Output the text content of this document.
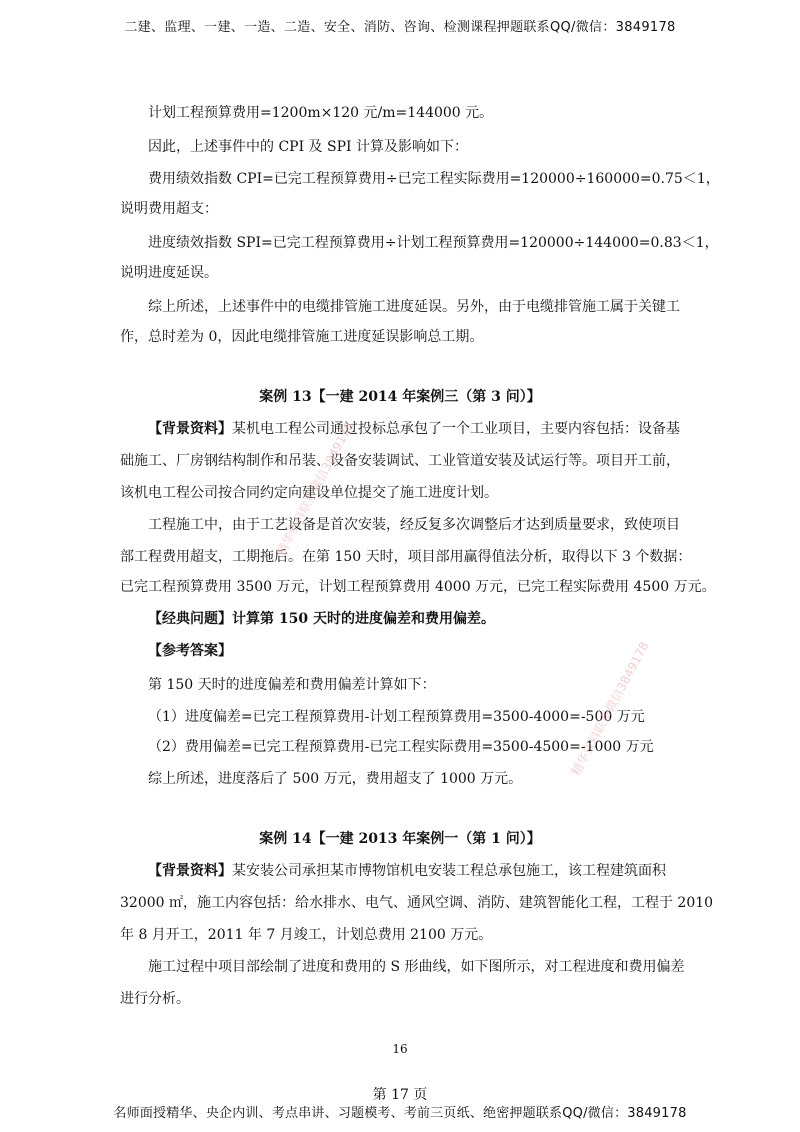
二建、监理、一建、一造、二造、安全、消防、咨询、检测课程押题联系QQ/微信：3849178
计划工程预算费用=1200m×120 元/m=144000 元。
因此，上述事件中的 CPI 及 SPI 计算及影响如下：
费用绩效指数 CPI=已完工程预算费用÷已完工程实际费用=120000÷160000=0.75＜1，
说明费用超支：
进度绩效指数 SPI=已完工程预算费用÷计划工程预算费用=120000÷144000=0.83＜1，
说明进度延误。
综上所述，上述事件中的电缆排管施工进度延误。另外，由于电缆排管施工属于关键工
作，总时差为 0，因此电缆排管施工进度延误影响总工期。
案例 13【一建 2014 年案例三（第 3 问）】
【背景资料】某机电工程公司通过投标总承包了一个工业项目，主要内容包括：设备基
础施工、厂房钢结构制作和吊装、设备安装调试、工业管道安装及试运行等。项目开工前，
该机电工程公司按合同约定向建设单位提交了施工进度计划。
工程施工中，由于工艺设备是首次安装，经反复多次调整后才达到质量要求，致使项目
部工程费用超支，工期拖后。在第 150 天时，项目部用赢得值法分析，取得以下 3 个数据：
已完工程预算费用 3500 万元，计划工程预算费用 4000 万元，已完工程实际费用 4500 万元。
【经典问题】计算第 150 天时的进度偏差和费用偏差。
【参考答案】
第 150 天时的进度偏差和费用偏差计算如下：
（1）进度偏差=已完工程预算费用-计划工程预算费用=3500-4000=-500 万元
（2）费用偏差=已完工程预算费用-已完工程实际费用=3500-4500=-1000 万元
综上所述，进度落后了 500 万元，费用超支了 1000 万元。
案例 14【一建 2013 年案例一（第 1 问）】
【背景资料】某安装公司承担某市博物馆机电安装工程总承包施工，该工程建筑面积
32000 ㎡，施工内容包括：给水排水、电气、通风空调、消防、建筑智能化工程，工程于 2010
年 8 月开工，2011 年 7 月竣工，计划总费用 2100 万元。
施工过程中项目部绘制了进度和费用的 S 形曲线，如下图所示，对工程进度和费用偏差
进行分析。
16
第 17 页
名师面授精华、央企内训、考点串讲、习题模考、考前三页纸、绝密押题联系QQ/微信：3849178
精华资料联系微信3849178
精华资料联系微信3849178
